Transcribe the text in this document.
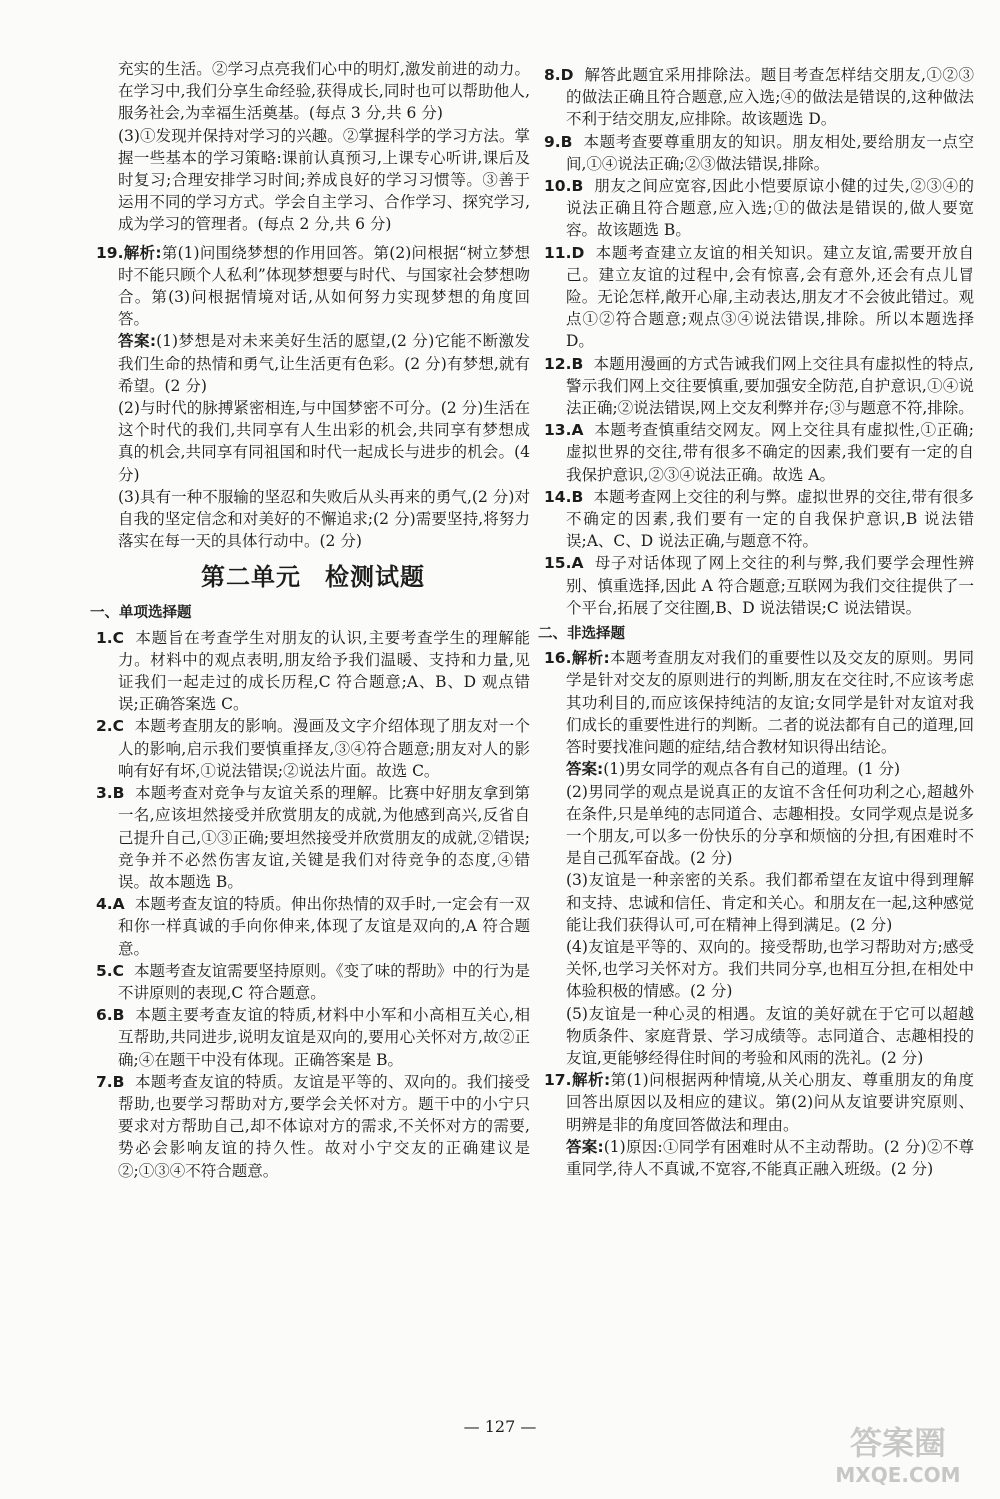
充实的生活。②学习点亮我们心中的明灯,激发前进的动力。在学习中,我们分享生命经验,获得成长,同时也可以帮助他人,服务社会,为幸福生活奠基。(每点 3 分,共 6 分)

(3)①发现并保持对学习的兴趣。②掌握科学的学习方法。掌握一些基本的学习策略:课前认真预习,上课专心听讲,课后及时复习;合理安排学习时间;养成良好的学习习惯等。③善于运用不同的学习方式。学会自主学习、合作学习、探究学习,成为学习的管理者。(每点 2 分,共 6 分)

19.解析:第(1)问围绕梦想的作用回答。第(2)问根据“树立梦想时不能只顾个人私利”体现梦想要与时代、与国家社会梦想吻合。第(3)问根据情境对话,从如何努力实现梦想的角度回答。

答案:(1)梦想是对未来美好生活的愿望,(2 分)它能不断激发我们生命的热情和勇气,让生活更有色彩。(2 分)有梦想,就有希望。(2 分)

(2)与时代的脉搏紧密相连,与中国梦密不可分。(2 分)生活在这个时代的我们,共同享有人生出彩的机会,共同享有梦想成真的机会,共同享有同祖国和时代一起成长与进步的机会。(4 分)

(3)具有一种不服输的坚忍和失败后从头再来的勇气,(2 分)对自我的坚定信念和对美好的不懈追求;(2 分)需要坚持,将努力落实在每一天的具体行动中。(2 分)

第二单元 检测试题
一、单项选择题

1.C 本题旨在考查学生对朋友的认识,主要考查学生的理解能力。材料中的观点表明,朋友给予我们温暖、支持和力量,见证我们一起走过的成长历程,C 符合题意;A、B、D 观点错误;正确答案选 C。

2.C 本题考查朋友的影响。漫画及文字介绍体现了朋友对一个人的影响,启示我们要慎重择友,③④符合题意;朋友对人的影响有好有坏,①说法错误;②说法片面。故选 C。

3.B 本题考查对竞争与友谊关系的理解。比赛中好朋友拿到第一名,应该坦然接受并欣赏朋友的成就,为他感到高兴,反省自己提升自己,①③正确;要坦然接受并欣赏朋友的成就,②错误;竞争并不必然伤害友谊,关键是我们对待竞争的态度,④错误。故本题选 B。

4.A 本题考查友谊的特质。伸出你热情的双手时,一定会有一双和你一样真诚的手向你伸来,体现了友谊是双向的,A 符合题意。

5.C 本题考查友谊需要坚持原则。《变了味的帮助》中的行为是不讲原则的表现,C 符合题意。

6.B 本题主要考查友谊的特质,材料中小军和小高相互关心,相互帮助,共同进步,说明友谊是双向的,要用心关怀对方,故②正确;④在题干中没有体现。正确答案是 B。

7.B 本题考查友谊的特质。友谊是平等的、双向的。我们接受帮助,也要学习帮助对方,要学会关怀对方。题干中的小宁只要求对方帮助自己,却不体谅对方的需求,不关怀对方的需要,势必会影响友谊的持久性。故对小宁交友的正确建议是②;①③④不符合题意。

8.D 解答此题宜采用排除法。题目考查怎样结交朋友,①②③的做法正确且符合题意,应入选;④的做法是错误的,这种做法不利于结交朋友,应排除。故该题选 D。

9.B 本题考查要尊重朋友的知识。朋友相处,要给朋友一点空间,①④说法正确;②③做法错误,排除。

10.B 朋友之间应宽容,因此小恺要原谅小健的过失,②③④的说法正确且符合题意,应入选;①的做法是错误的,做人要宽容。故该题选 B。

11.D 本题考查建立友谊的相关知识。建立友谊,需要开放自己。建立友谊的过程中,会有惊喜,会有意外,还会有点儿冒险。无论怎样,敞开心扉,主动表达,朋友才不会彼此错过。观点①②符合题意;观点③④说法错误,排除。所以本题选择 D。

12.B 本题用漫画的方式告诫我们网上交往具有虚拟性的特点,警示我们网上交往要慎重,要加强安全防范,自护意识,①④说法正确;②说法错误,网上交友利弊并存;③与题意不符,排除。

13.A 本题考查慎重结交网友。网上交往具有虚拟性,①正确;虚拟世界的交往,带有很多不确定的因素,我们要有一定的自我保护意识,②③④说法正确。故选 A。

14.B 本题考查网上交往的利与弊。虚拟世界的交往,带有很多不确定的因素,我们要有一定的自我保护意识,B 说法错误;A、C、D 说法正确,与题意不符。

15.A 母子对话体现了网上交往的利与弊,我们要学会理性辨别、慎重选择,因此 A 符合题意;互联网为我们交往提供了一个平台,拓展了交往圈,B、D 说法错误;C 说法错误。

二、非选择题

16.解析:本题考查朋友对我们的重要性以及交友的原则。男同学是针对交友的原则进行的判断,朋友在交往时,不应该考虑其功利目的,而应该保持纯洁的友谊;女同学是针对友谊对我们成长的重要性进行的判断。二者的说法都有自己的道理,回答时要找准问题的症结,结合教材知识得出结论。

答案:(1)男女同学的观点各有自己的道理。(1 分)

(2)男同学的观点是说真正的友谊不含任何功利之心,超越外在条件,只是单纯的志同道合、志趣相投。女同学观点是说多一个朋友,可以多一份快乐的分享和烦恼的分担,有困难时不是自己孤军奋战。(2 分)

(3)友谊是一种亲密的关系。我们都希望在友谊中得到理解和支持、忠诚和信任、肯定和关心。和朋友在一起,这种感觉能让我们获得认可,可在精神上得到满足。(2 分)

(4)友谊是平等的、双向的。接受帮助,也学习帮助对方;感受关怀,也学习关怀对方。我们共同分享,也相互分担,在相处中体验积极的情感。(2 分)

(5)友谊是一种心灵的相遇。友谊的美好就在于它可以超越物质条件、家庭背景、学习成绩等。志同道合、志趣相投的友谊,更能够经得住时间的考验和风雨的洗礼。(2 分)

17.解析:第(1)问根据两种情境,从关心朋友、尊重朋友的角度回答出原因以及相应的建议。第(2)问从友谊要讲究原则、明辨是非的角度回答做法和理由。

答案:(1)原因:①同学有困难时从不主动帮助。(2 分)②不尊重同学,待人不真诚,不宽容,不能真正融入班级。(2 分)

— 127 —	答案圈
MXQE.COM
